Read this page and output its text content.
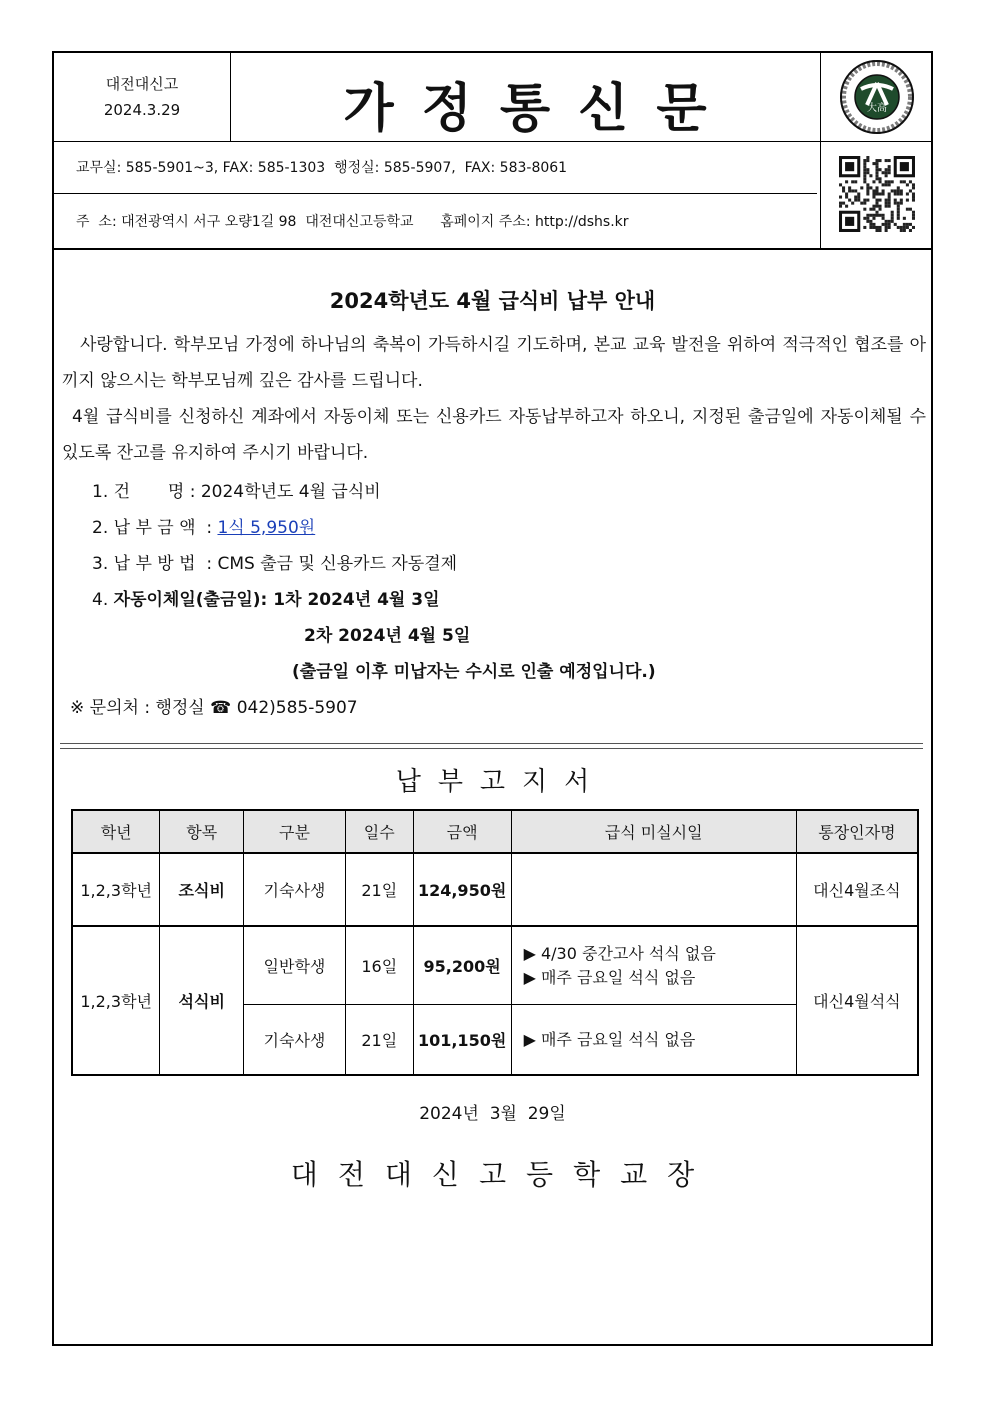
대전대신고
2024.3.29	가정통신문	大高
교무실: 585-5901~3, FAX: 585-1303  행정실: 585-5907,  FAX: 583-8061
주  소: 대전광역시 서구 오량1길 98  대전대신고등학교      홈페이지 주소: http://dshs.kr
2024학년도 4월 급식비 납부 안내
사랑합니다. 학부모님 가정에 하나님의 축복이 가득하시길 기도하며, 본교 교육 발전을 위하여 적극적인 협조를 아끼지 않으시는 학부모님께 깊은 감사를 드립니다.
4월 급식비를 신청하신 계좌에서 자동이체 또는 신용카드 자동납부하고자 하오니, 지정된 출금일에 자동이체될 수 있도록 잔고를 유지하여 주시기 바랍니다.
1. 건       명 : 2024학년도 4월 급식비
2. 납 부 금 액  : 1식 5,950원
3. 납 부 방 법  : CMS 출금 및 신용카드 자동결제
4. 자동이체일(출금일): 1차 2024년 4월 3일
2차 2024년 4월 5일
(출금일 이후 미납자는 수시로 인출 예정입니다.)
※ 문의처 : 행정실 ☎ 042)585-5907
납부고지서
학년	항목	구분	일수	금액	급식 미실시일	통장인자명
1,2,3학년	조식비	기숙사생	21일	124,950원		대신4월조식
1,2,3학년	석식비	일반학생	16일	95,200원	▶ 4/30 중간고사 석식 없음
▶ 매주 금요일 석식 없음	대신4월석식
		기숙사생	21일	101,150원	▶ 매주 금요일 석식 없음	
2024년  3월  29일
대전대신고등학교장
